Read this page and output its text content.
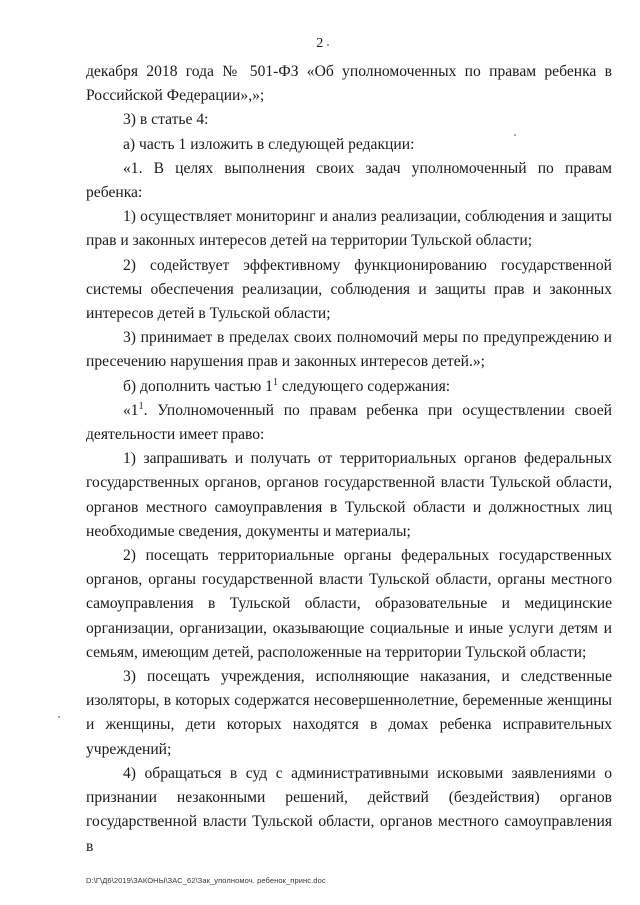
2

декабря 2018 года № 501-ФЗ «Об уполномоченных по правам ребенка в Российской Федерации»,»;

3) в статье 4:

а) часть 1 изложить в следующей редакции:

«1. В целях выполнения своих задач уполномоченный по правам ребенка:

1) осуществляет мониторинг и анализ реализации, соблюдения и защиты прав и законных интересов детей на территории Тульской области;

2) содействует эффективному функционированию государственной системы обеспечения реализации, соблюдения и защиты прав и законных интересов детей в Тульской области;

3) принимает в пределах своих полномочий меры по предупреждению и пресечению нарушения прав и законных интересов детей.»;

б) дополнить частью $1^1$ следующего содержания:

«$1^1$. Уполномоченный по правам ребенка при осуществлении своей деятельности имеет право:

1) запрашивать и получать от территориальных органов федеральных государственных органов, органов государственной власти Тульской области, органов местного самоуправления в Тульской области и должностных лиц необходимые сведения, документы и материалы;

2) посещать территориальные органы федеральных государственных органов, органы государственной власти Тульской области, органы местного самоуправления в Тульской области, образовательные и медицинские организации, организации, оказывающие социальные и иные услуги детям и семьям, имеющим детей, расположенные на территории Тульской области;

3) посещать учреждения, исполняющие наказания, и следственные изоляторы, в которых содержатся несовершеннолетние, беременные женщины и женщины, дети которых находятся в домах ребенка исправительных учреждений;

4) обращаться в суд с административными исковыми заявлениями о признании незаконными решений, действий (бездействия) органов государственной власти Тульской области, органов местного самоуправления в

D:\Г\Д6\2019\ЗАКОНЫ\ЗАС_62\Зак_уполномоч. ребенок_принс.doc
